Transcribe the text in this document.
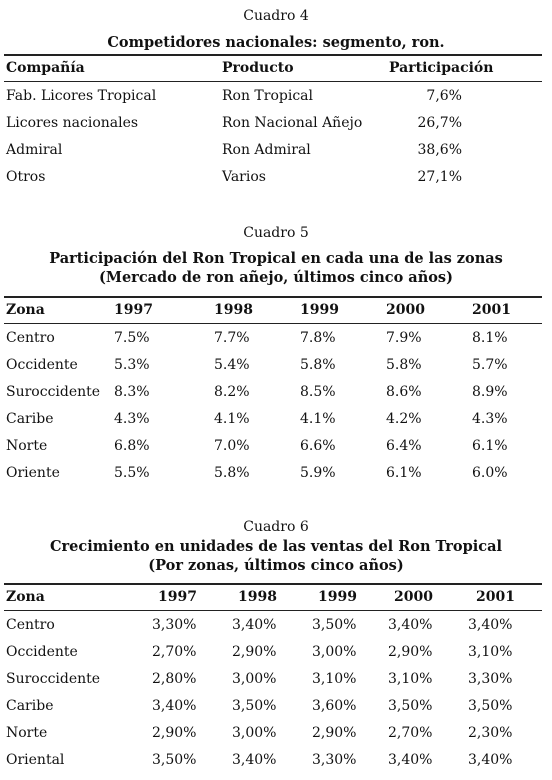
Cuadro 4
Competidores nacionales: segmento, ron.
Compañía	Producto	Participación
Fab. Licores Tropical	Ron Tropical	7,6%
Licores nacionales	Ron Nacional Añejo	26,7%
Admiral	Ron Admiral	38,6%
Otros	Varios	27,1%
Cuadro 5
Participación del Ron Tropical en cada una de las zonas
(Mercado de ron añejo, últimos cinco años)
Zona	1997	1998	1999	2000	2001
Centro	7.5%	7.7%	7.8%	7.9%	8.1%
Occidente	5.3%	5.4%	5.8%	5.8%	5.7%
Suroccidente 8.3%	8.2%	8.5%	8.6%	8.9%
Caribe	4.3%	4.1%	4.1%	4.2%	4.3%
Norte	6.8%	7.0%	6.6%	6.4%	6.1%
Oriente	5.5%	5.8%	5.9%	6.1%	6.0%
Cuadro 6
Crecimiento en unidades de las ventas del Ron Tropical
(Por zonas, últimos cinco años)
Zona	1997	1998	1999	2000	2001
Centro	3,30%	3,40%	3,50% 3,40%	3,40%
Occidente	2,70%	2,90%	3,00% 2,90%	3,10%
Suroccidente	2,80%	3,00%	3,10% 3,10%	3,30%
Caribe	3,40%	3,50%	3,60% 3,50%	3,50%
Norte	2,90%	3,00%	2,90% 2,70%	2,30%
Oriental	3,50%	3,40%	3,30% 3,40%	3,40%
